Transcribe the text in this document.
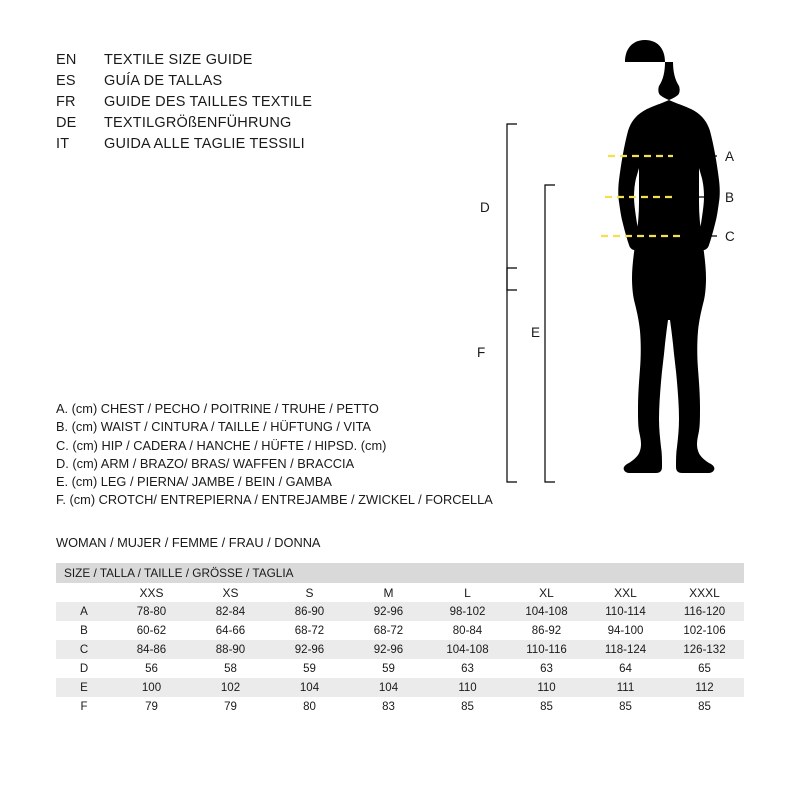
EN	TEXTILE SIZE GUIDE
ES	GUÍA DE TALLAS
FR	GUIDE DES TAILLES TEXTILE
DE	TEXTILGRÖßENFÜHRUNG
IT	GUIDA ALLE TAGLIE TESSILI
A. (cm) CHEST / PECHO / POITRINE / TRUHE / PETTO
B. (cm) WAIST / CINTURA / TAILLE / HÜFTUNG / VITA
C. (cm) HIP / CADERA / HANCHE / HÜFTE / HIPSD. (cm)
D. (cm) ARM / BRAZO/ BRAS/ WAFFEN / BRACCIA
E. (cm) LEG / PIERNA/ JAMBE / BEIN / GAMBA
F. (cm) CROTCH/ ENTREPIERNA / ENTREJAMBE / ZWICKEL / FORCELLA
WOMAN / MUJER / FEMME / FRAU / DONNA
A
B
C
D
E
F
SIZE / TALLA / TAILLE / GRÖSSE / TAGLIA								
	XXS	XS	S	M	L	XL	XXL	XXXL
A	78-80	82-84	86-90	92-96	98-102	104-108	110-114	116-120
B	60-62	64-66	68-72	68-72	80-84	86-92	94-100	102-106
C	84-86	88-90	92-96	92-96	104-108	110-116	118-124	126-132
D	56	58	59	59	63	63	64	65
E	100	102	104	104	110	110	111	112
F	79	79	80	83	85	85	85	85
